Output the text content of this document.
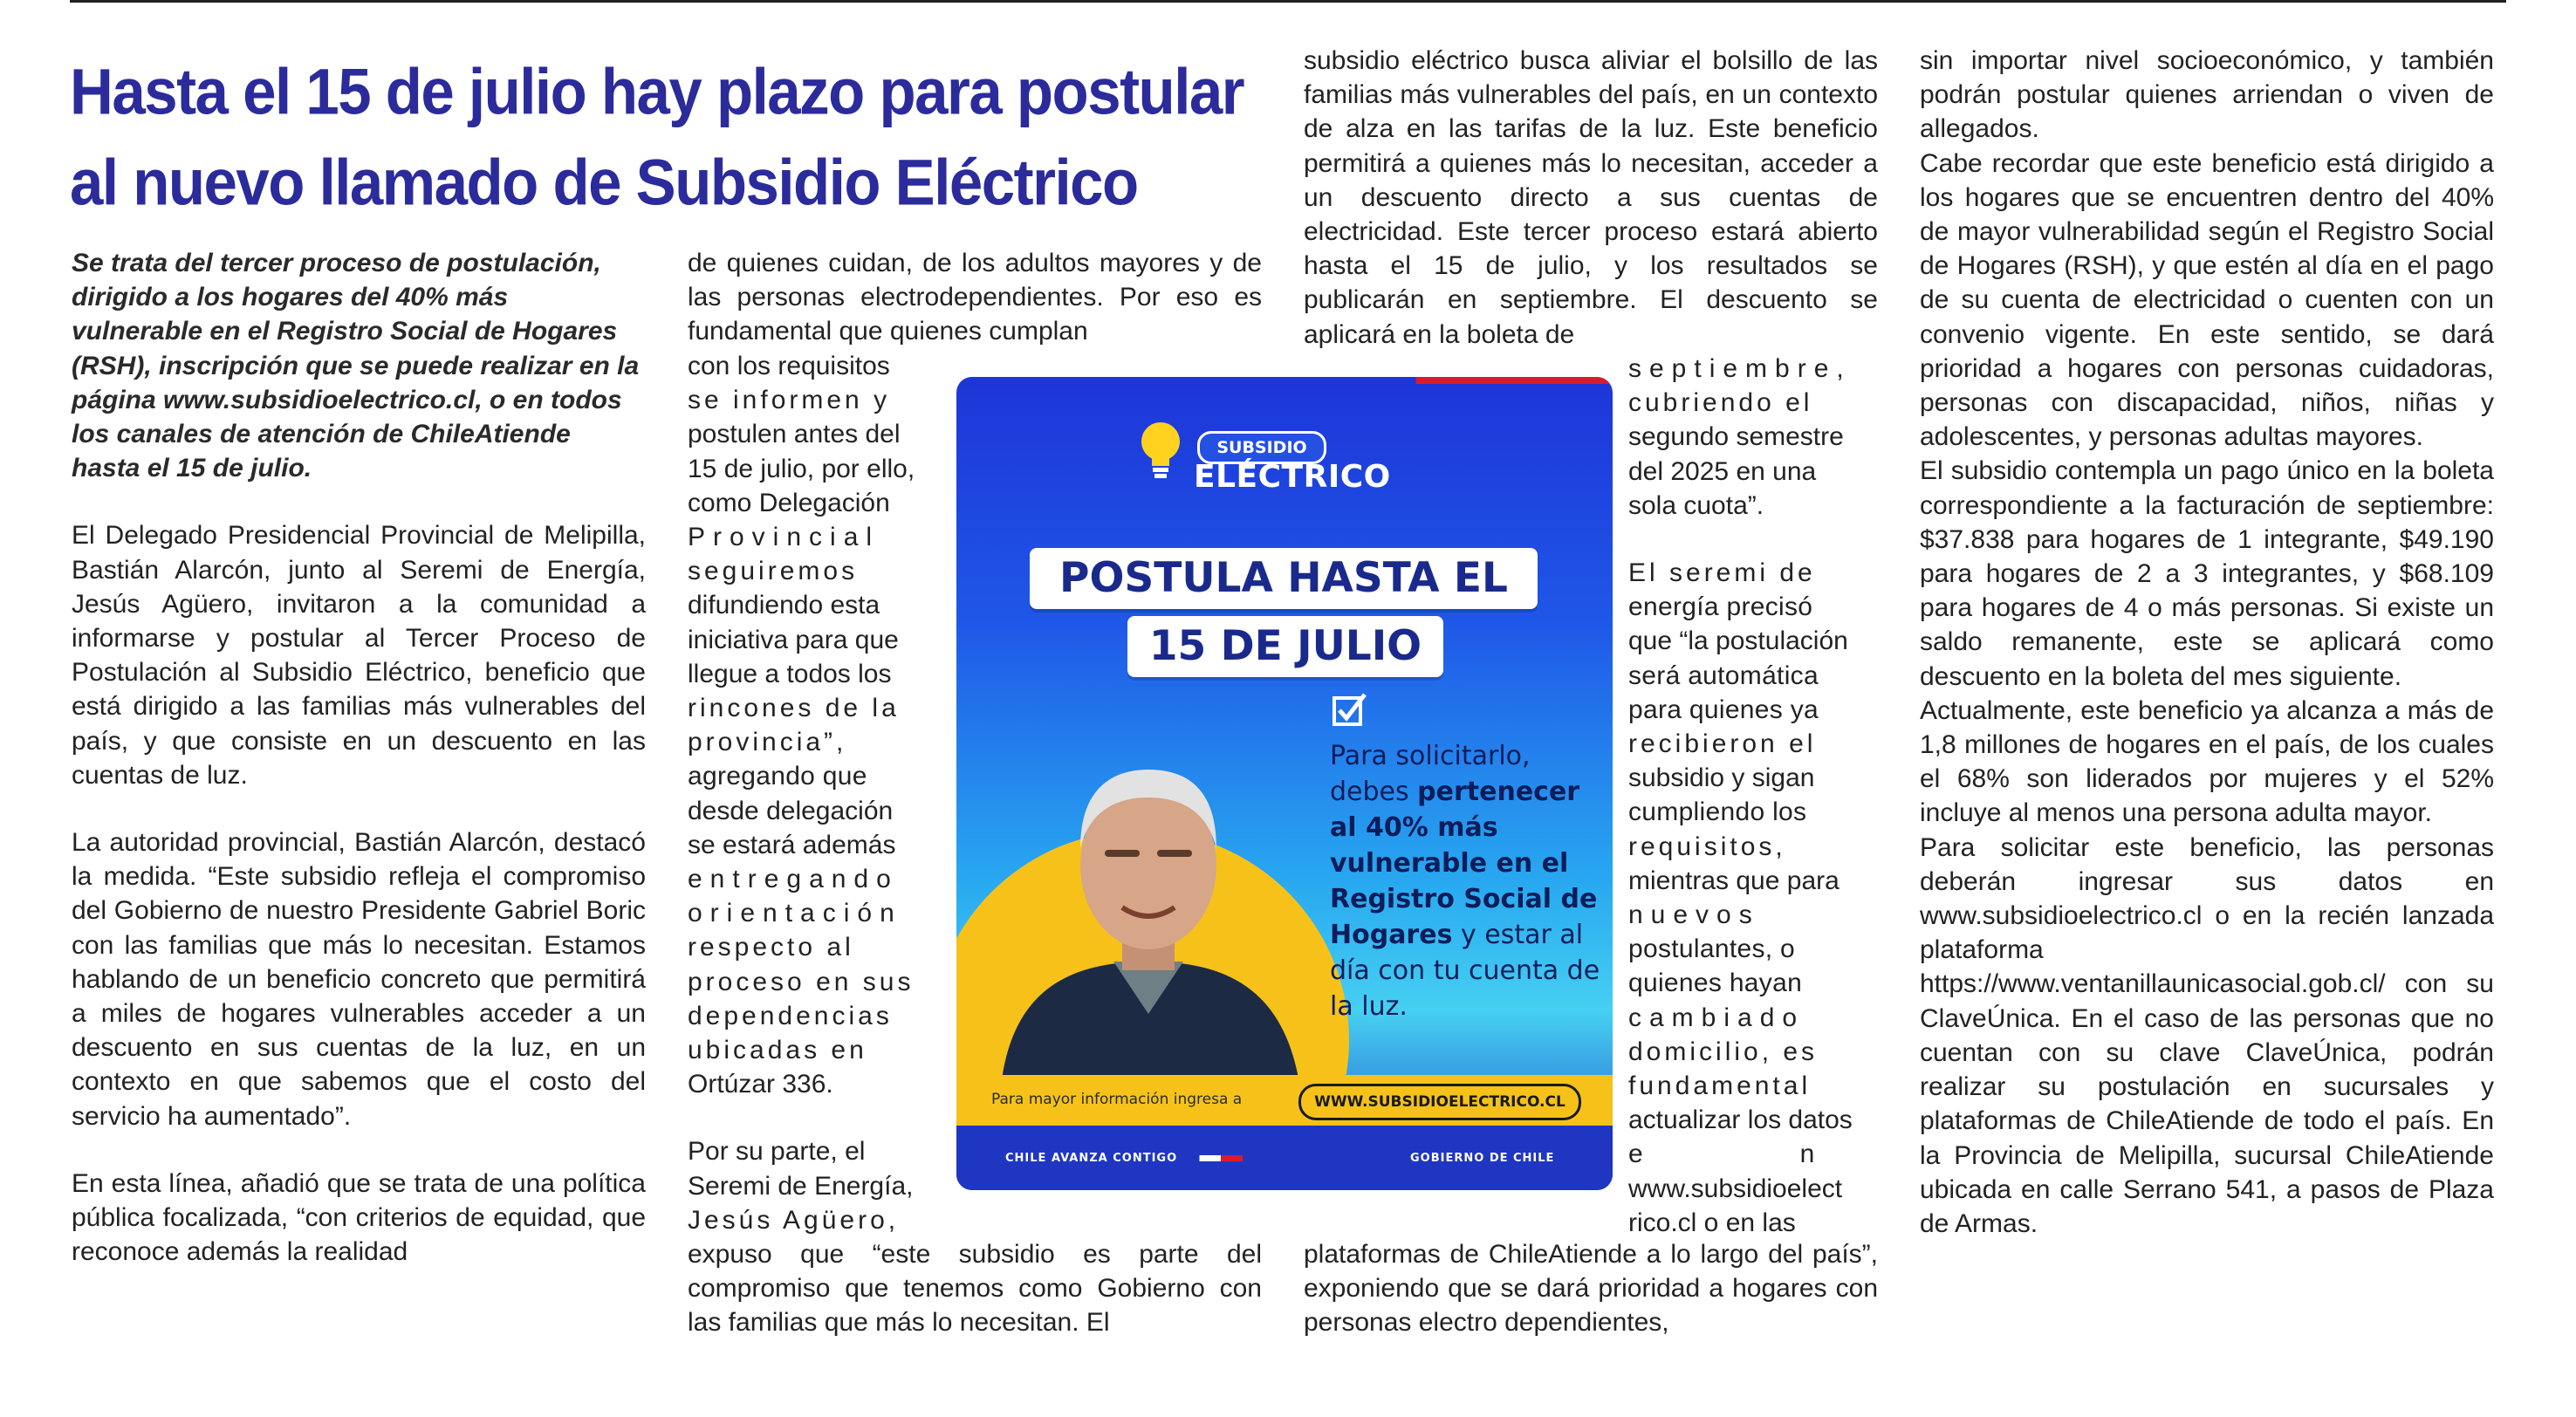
Hasta el 15 de julio hay plazo para postular al nuevo llamado de Subsidio Eléctrico

Se trata del tercer proceso de postulación, dirigido a los hogares del 40% más vulnerable en el Registro Social de Hogares (RSH), inscripción que se puede realizar en la página www.subsidioelectrico.cl, o en todos los canales de atención de ChileAtiende hasta el 15 de julio.

El Delegado Presidencial Provincial de Melipilla, Bastián Alarcón, junto al Seremi de Energía, Jesús Agüero, invitaron a la comunidad a informarse y postular al Tercer Proceso de Postulación al Subsidio Eléctrico, beneficio que está dirigido a las familias más vulnerables del país, y que consiste en un descuento en las cuentas de luz.

La autoridad provincial, Bastián Alarcón, destacó la medida. “Este subsidio refleja el compromiso del Gobierno de nuestro Presidente Gabriel Boric con las familias que más lo necesitan. Estamos hablando de un beneficio concreto que permitirá a miles de hogares vulnerables acceder a un descuento en sus cuentas de la luz, en un contexto en que sabemos que el costo del servicio ha aumentado”.

En esta línea, añadió que se trata de una política pública focalizada, “con criterios de equidad, que reconoce además la realidad

de quienes cuidan, de los adultos mayores y de las personas electrodependientes. Por eso es fundamental que quienes cumplan

con los requisitos

se informen y

postulen antes del

15 de julio, por ello,

como Delegación

Provincial

seguiremos

difundiendo esta

iniciativa para que

llegue a todos los

rincones de la

provincia”,

agregando que

desde delegación

se estará además

entregando

orientación

respecto al

proceso en sus

dependencias

ubicadas en

Ortúzar 336.

Por su parte, el

Seremi de Energía,

Jesús Agüero,

expuso que “este subsidio es parte del compromiso que tenemos como Gobierno con las familias que más lo necesitan. El

subsidio eléctrico busca aliviar el bolsillo de las familias más vulnerables del país, en un contexto de alza en las tarifas de la luz. Este beneficio permitirá a quienes más lo necesitan, acceder a un descuento directo a sus cuentas de electricidad. Este tercer proceso estará abierto hasta el 15 de julio, y los resultados se publicarán en septiembre. El descuento se aplicará en la boleta de

septiembre,

cubriendo el

segundo semestre

del 2025 en una

sola cuota”.

El seremi de

energía precisó

que “la postulación

será automática

para quienes ya

recibieron el

subsidio y sigan

cumpliendo los

requisitos,

mientras que para

nuevos

postulantes, o

quienes hayan

cambiado

domicilio, es

fundamental

actualizar los datos

en

www.subsidioelect

rico.cl o en las

plataformas de ChileAtiende a lo largo del país”, exponiendo que se dará prioridad a hogares con personas electro dependientes,

sin importar nivel socioeconómico, y también podrán postular quienes arriendan o viven de allegados.

Cabe recordar que este beneficio está dirigido a los hogares que se encuentren dentro del 40% de mayor vulnerabilidad según el Registro Social de Hogares (RSH), y que estén al día en el pago de su cuenta de electricidad o cuenten con un convenio vigente. En este sentido, se dará prioridad a hogares con personas cuidadoras, personas con discapacidad, niños, niñas y adolescentes, y personas adultas mayores.

El subsidio contempla un pago único en la boleta correspondiente a la facturación de septiembre: $37.838 para hogares de 1 integrante, $49.190 para hogares de 2 a 3 integrantes, y $68.109 para hogares de 4 o más personas. Si existe un saldo remanente, este se aplicará como descuento en la boleta del mes siguiente.

Actualmente, este beneficio ya alcanza a más de 1,8 millones de hogares en el país, de los cuales el 68% son liderados por mujeres y el 52% incluye al menos una persona adulta mayor.

Para solicitar este beneficio, las personas deberán ingresar sus datos en www.subsidioelectrico.cl o en la recién lanzada plataforma https://www.ventanillaunicasocial.gob.cl/ con su ClaveÚnica. En el caso de las personas que no cuentan con su clave ClaveÚnica, podrán realizar su postulación en sucursales y plataformas de ChileAtiende de todo el país. En la Provincia de Melipilla, sucursal ChileAtiende ubicada en calle Serrano 541, a pasos de Plaza de Armas.

SUBSIDIO
ELÉCTRICO
POSTULA HASTA EL
15 DE JULIO
Para solicitarlo, debes pertenecer al 40% más vulnerable en el Registro Social de Hogares y estar al día con tu cuenta de la luz.
Para mayor información ingresa a	WWW.SUBSIDIOELECTRICO.CL
CHILE AVANZA CONTIGO	GOBIERNO DE CHILE
